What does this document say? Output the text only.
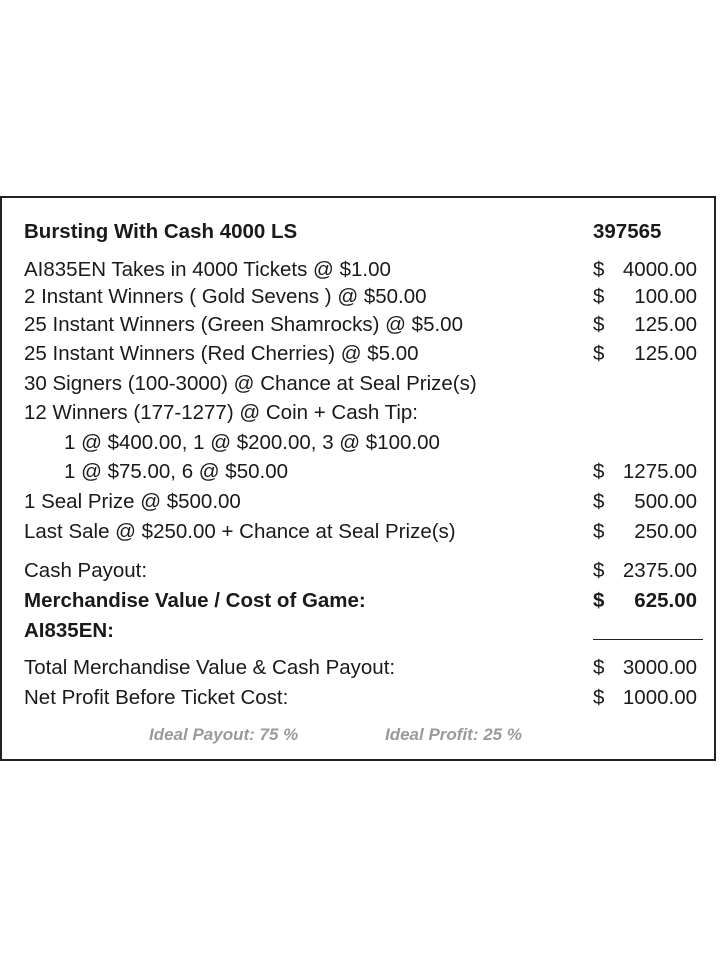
Bursting With Cash 4000 LS	397565
AI835EN Takes in 4000 Tickets @ $1.00	$ 4000.00
2 Instant Winners ( Gold Sevens ) @ $50.00	$ 100.00
25 Instant Winners (Green Shamrocks) @ $5.00	$ 125.00
25 Instant Winners (Red Cherries) @ $5.00	$ 125.00
30 Signers (100-3000) @ Chance at Seal Prize(s)
12 Winners (177-1277) @ Coin + Cash Tip:
1 @ $400.00, 1 @ $200.00, 3 @ $100.00
1 @ $75.00, 6 @ $50.00	$ 1275.00
1 Seal Prize @ $500.00	$ 500.00
Last Sale @ $250.00 + Chance at Seal Prize(s)	$ 250.00
Cash Payout:	$ 2375.00
Merchandise Value / Cost of Game:	$ 625.00
AI835EN:
Total Merchandise Value & Cash Payout:	$ 3000.00
Net Profit Before Ticket Cost:	$ 1000.00
Ideal Payout: 75 %	Ideal Profit: 25 %
